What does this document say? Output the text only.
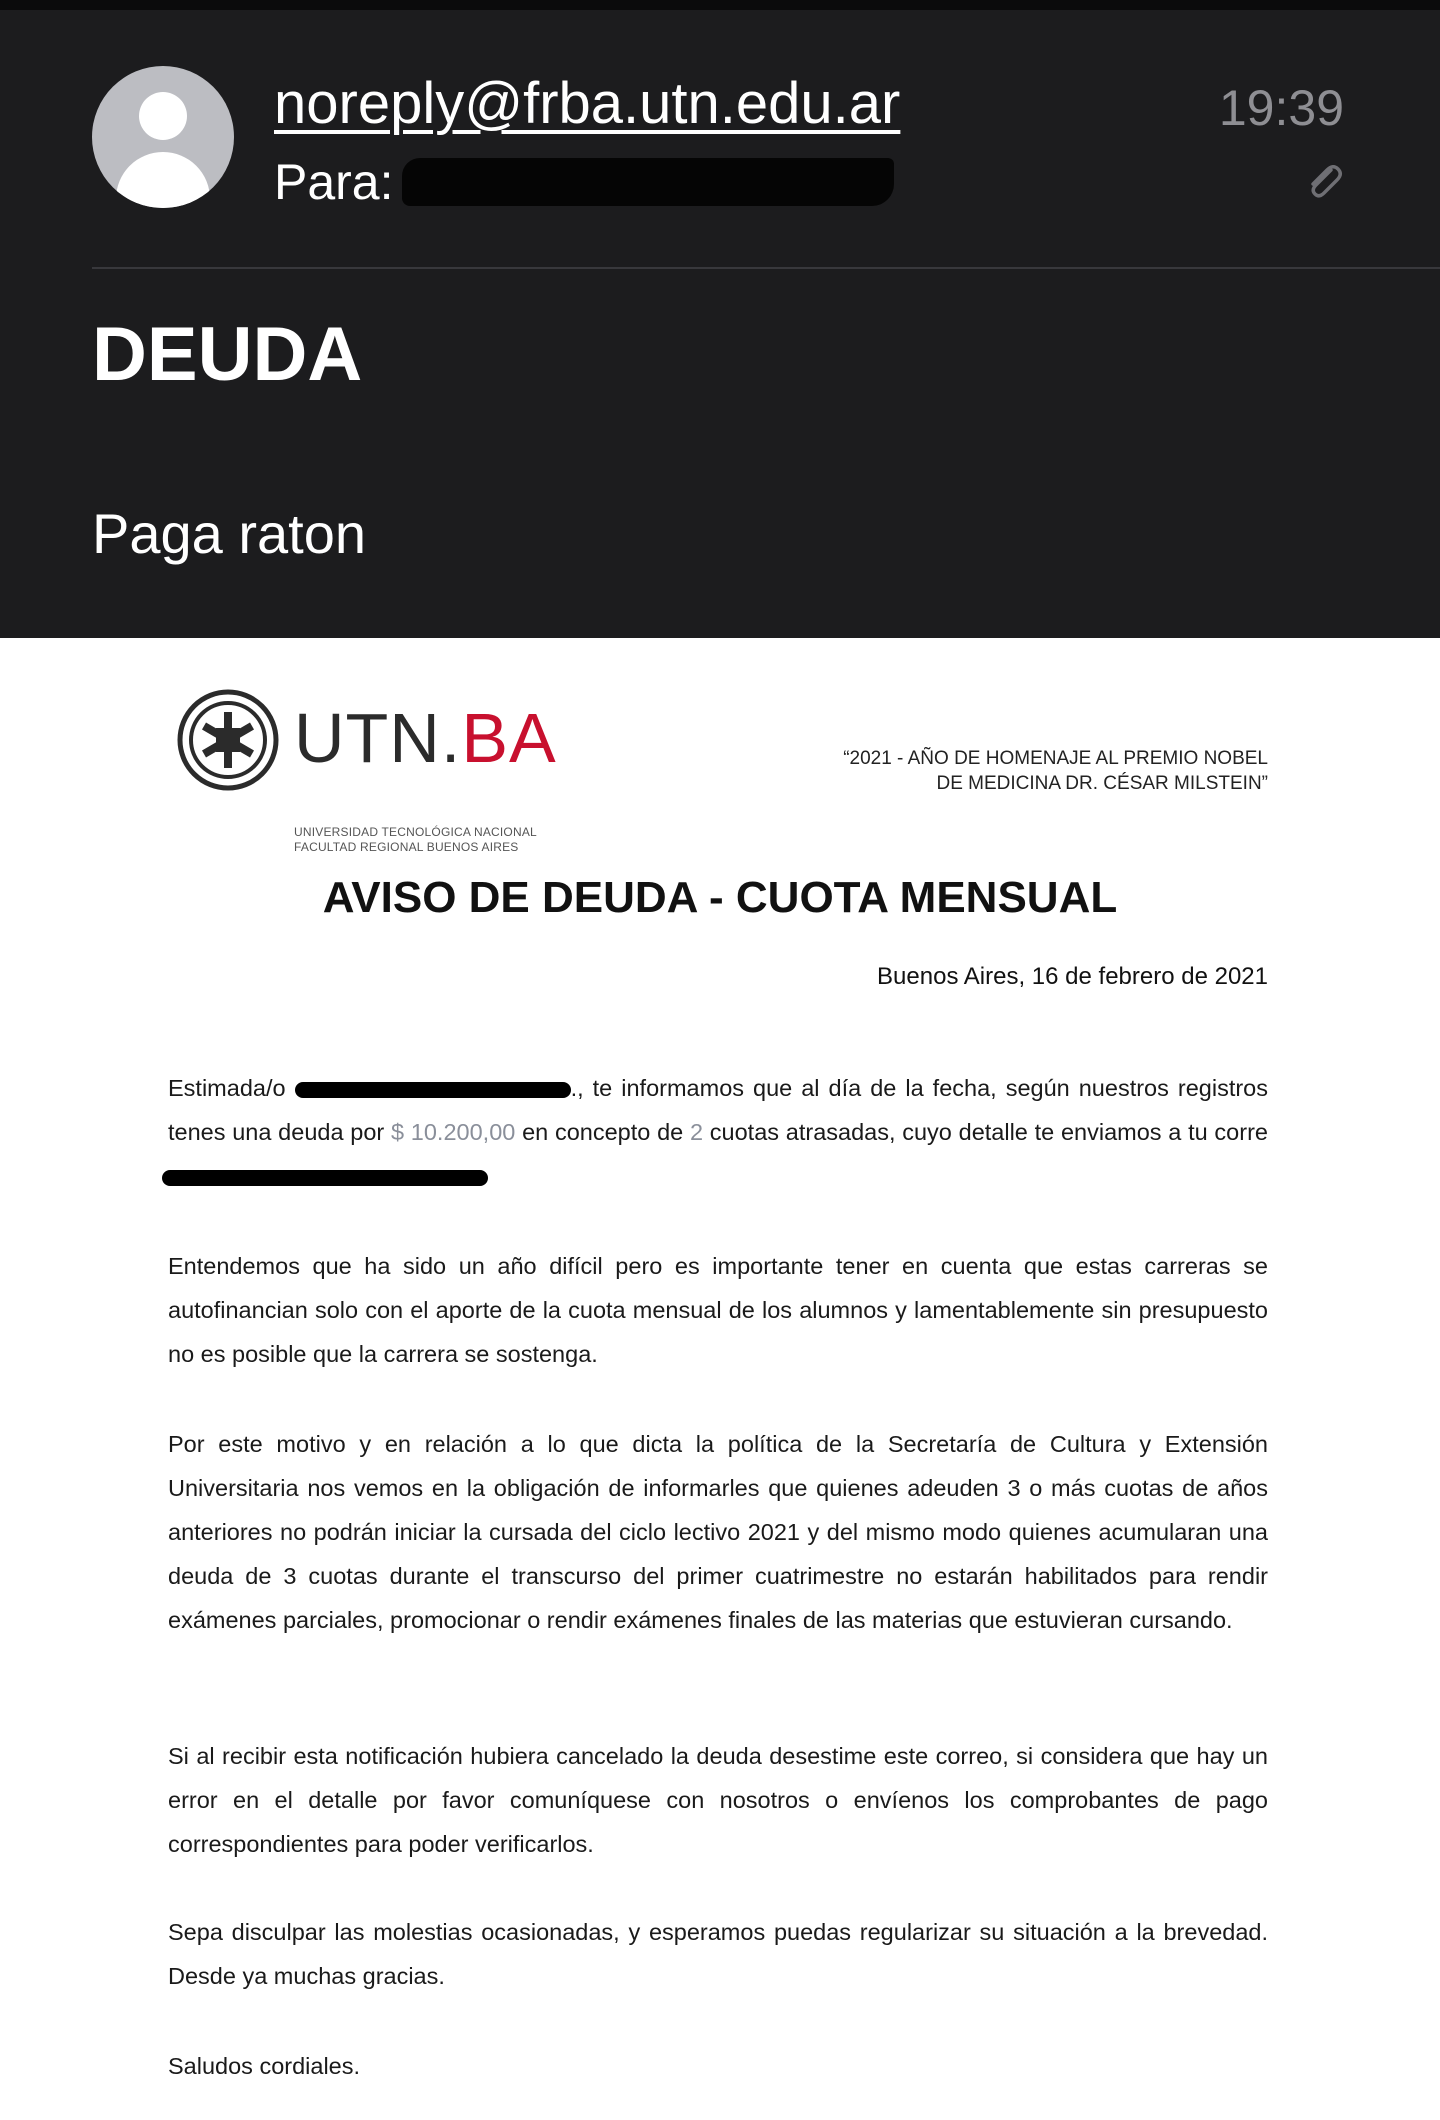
noreply@frba.utn.edu.ar
Para:
19:39
DEUDA
Paga raton
UTN.BA
UNIVERSIDAD TECNOLÓGICA NACIONAL
FACULTAD REGIONAL BUENOS AIRES
“2021 - AÑO DE HOMENAJE AL PREMIO NOBEL
DE MEDICINA DR. CÉSAR MILSTEIN”
AVISO DE DEUDA - CUOTA MENSUAL
Buenos Aires, 16 de febrero de 2021

Estimada/o	., te informamos que al día de la fecha, según nuestros registros tenes una deuda por $ 10.200,00 en concepto de 2 cuotas atrasadas, cuyo detalle te enviamos a tu corre

Entendemos que ha sido un año difícil pero es importante tener en cuenta que estas carreras se autofinancian solo con el aporte de la cuota mensual de los alumnos y lamentablemente sin presupuesto no es posible que la carrera se sostenga.

Por este motivo y en relación a lo que dicta la política de la Secretaría de Cultura y Extensión Universitaria nos vemos en la obligación de informarles que quienes adeuden 3 o más cuotas de años anteriores no podrán iniciar la cursada del ciclo lectivo 2021 y del mismo modo quienes acumularan una deuda de 3 cuotas durante el transcurso del primer cuatrimestre no estarán habilitados para rendir exámenes parciales, promocionar o rendir exámenes finales de las materias que estuvieran cursando.

Si al recibir esta notificación hubiera cancelado la deuda desestime este correo, si considera que hay un error en el detalle por favor comuníquese con nosotros o envíenos los comprobantes de pago correspondientes para poder verificarlos.

Sepa disculpar las molestias ocasionadas, y esperamos puedas regularizar su situación a la brevedad. Desde ya muchas gracias.

Saludos cordiales.
